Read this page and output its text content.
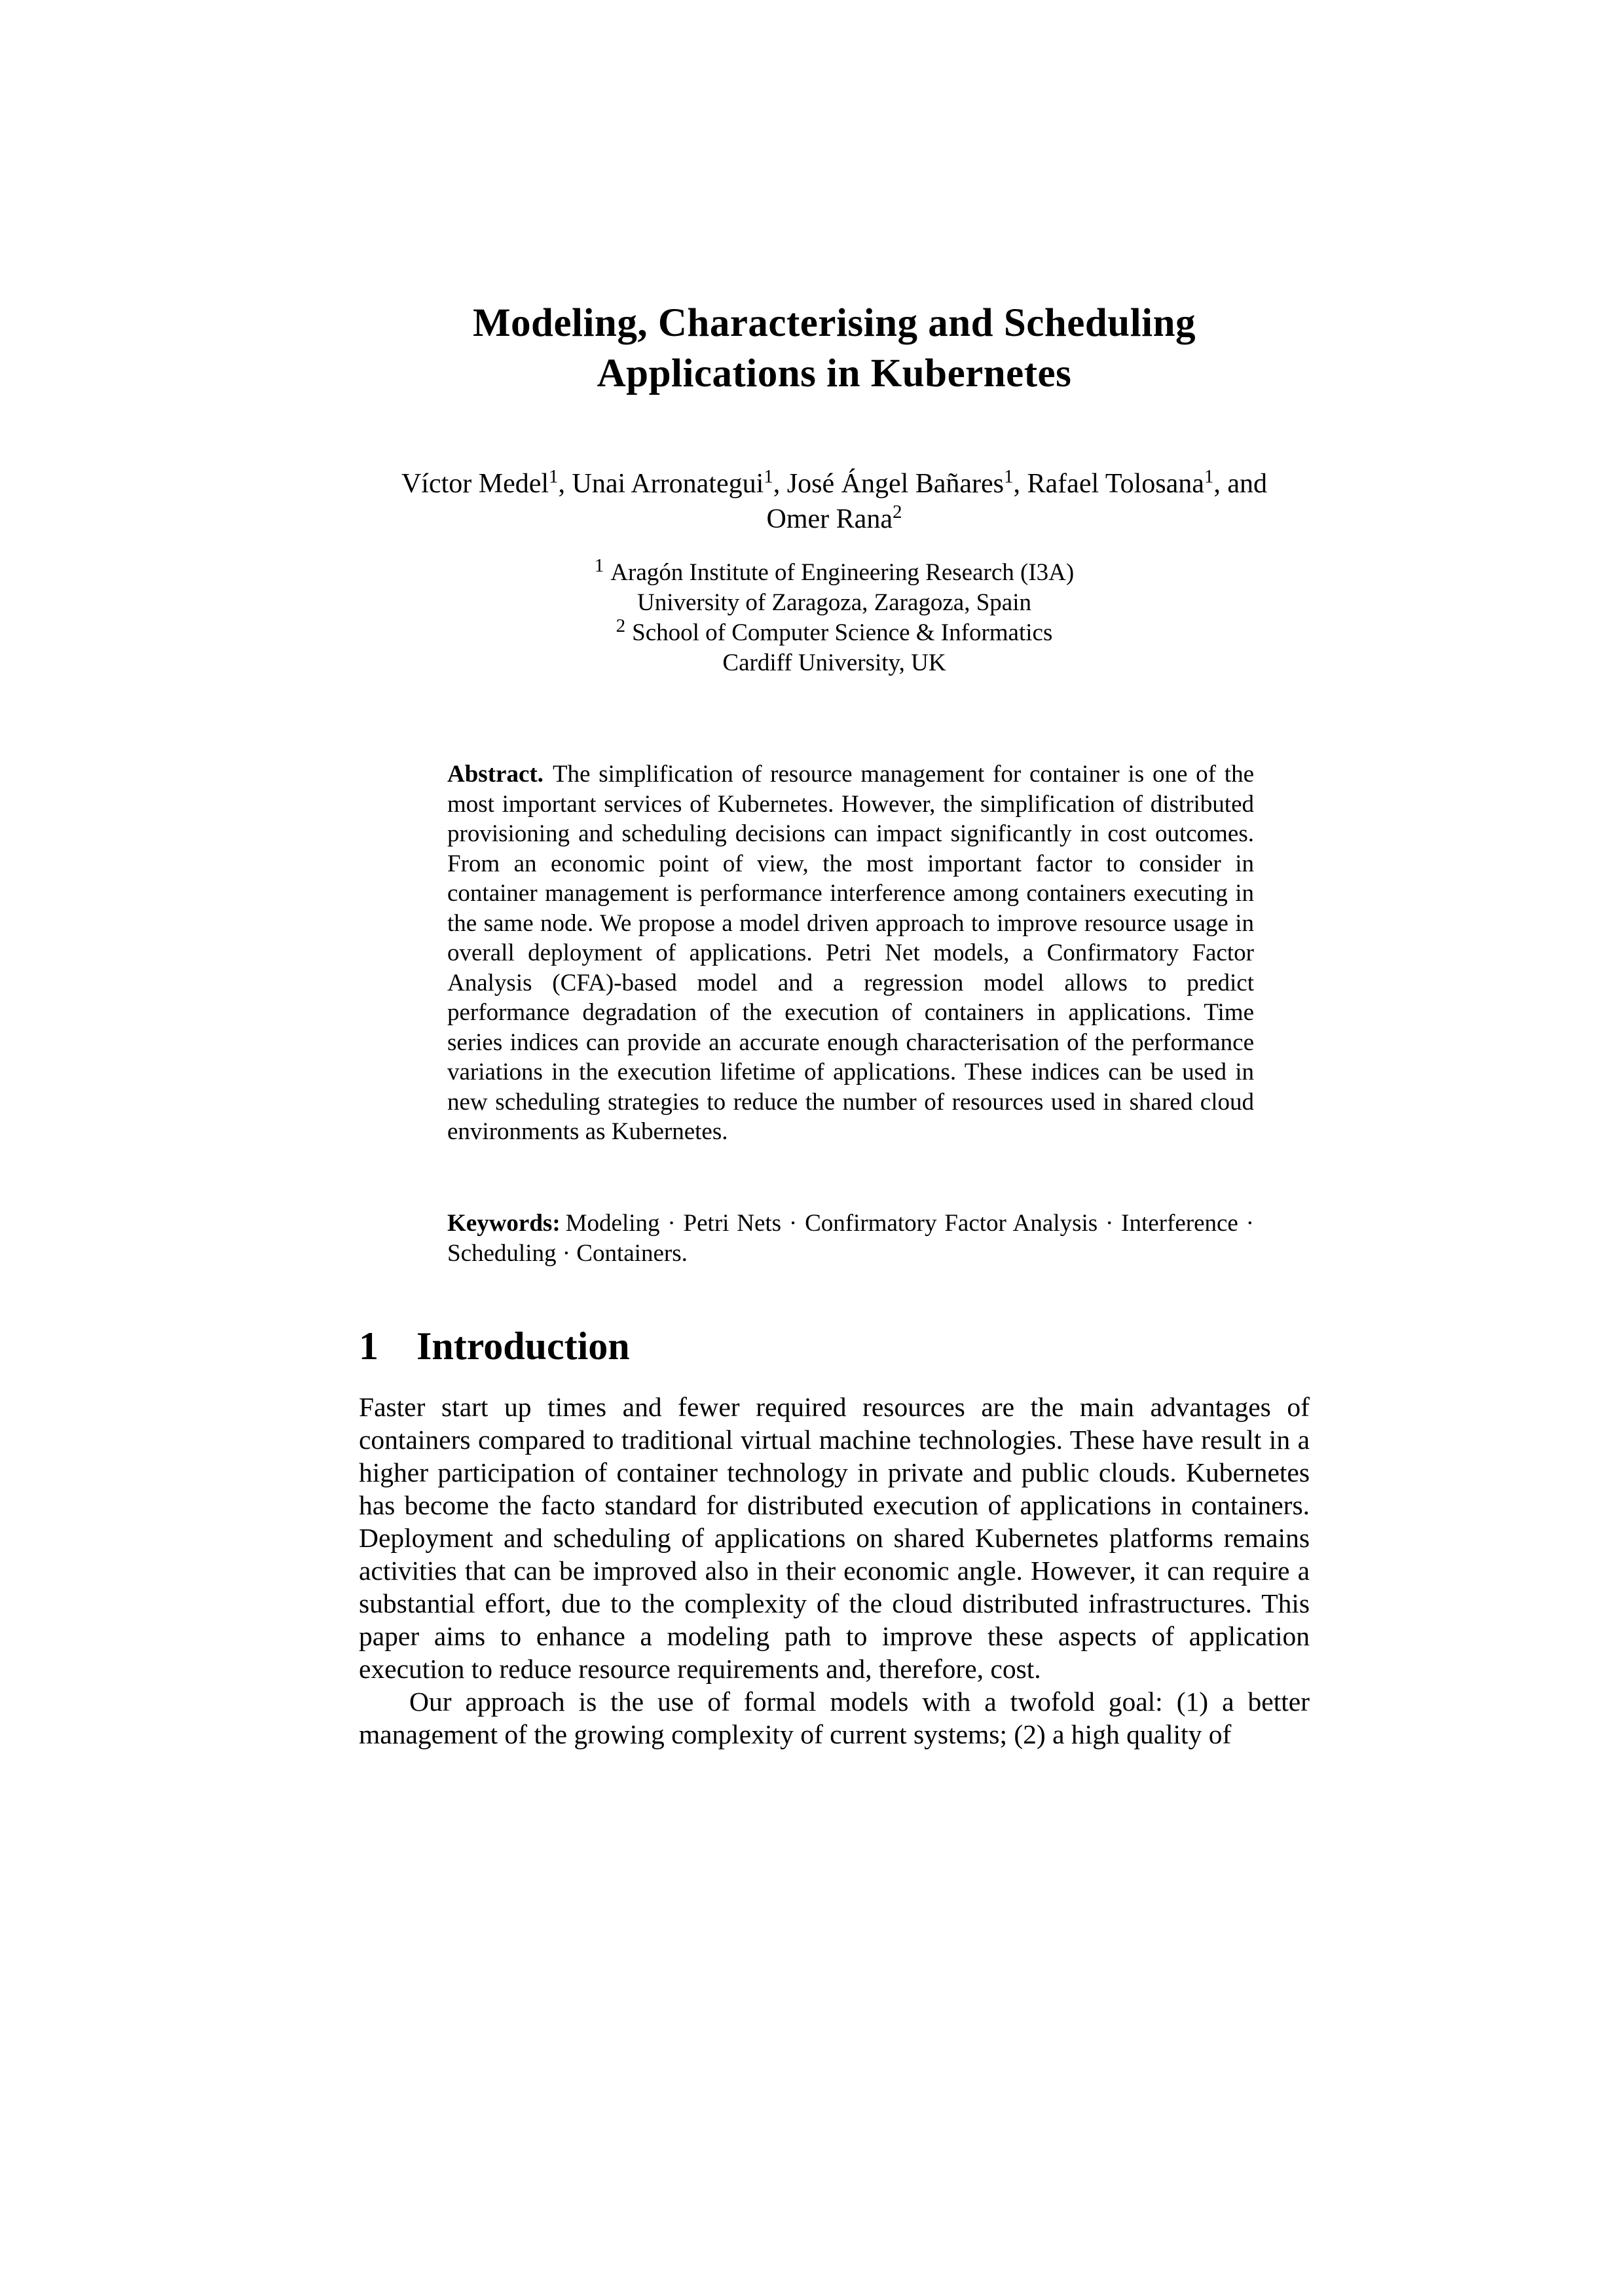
Modeling, Characterising and Scheduling
Applications in Kubernetes
Víctor Medel$^1$, Unai Arronategui$^1$, José Ángel Bañares$^1$, Rafael Tolosana$^1$, and
Omer Rana$^2$
$^1$ Aragón Institute of Engineering Research (I3A)
University of Zaragoza, Zaragoza, Spain
$^2$ School of Computer Science & Informatics
Cardiff University, UK
Abstract. The simplification of resource management for container is one of the most important services of Kubernetes. However, the simplification of distributed provisioning and scheduling decisions can impact significantly in cost outcomes. From an economic point of view, the most important factor to consider in container management is performance interference among containers executing in the same node. We propose a model driven approach to improve resource usage in overall deployment of applications. Petri Net models, a Confirmatory Factor Analysis (CFA)-based model and a regression model allows to predict performance degradation of the execution of containers in applications. Time series indices can provide an accurate enough characterisation of the performance variations in the execution lifetime of applications. These indices can be used in new scheduling strategies to reduce the number of resources used in shared cloud environments as Kubernetes.
Keywords: Modeling · Petri Nets · Confirmatory Factor Analysis · Interference · Scheduling · Containers.
1 Introduction

Faster start up times and fewer required resources are the main advantages of containers compared to traditional virtual machine technologies. These have result in a higher participation of container technology in private and public clouds. Kubernetes has become the facto standard for distributed execution of applications in containers. Deployment and scheduling of applications on shared Kubernetes platforms remains activities that can be improved also in their economic angle. However, it can require a substantial effort, due to the complexity of the cloud distributed infrastructures. This paper aims to enhance a modeling path to improve these aspects of application execution to reduce resource requirements and, therefore, cost.

Our approach is the use of formal models with a twofold goal: (1) a better management of the growing complexity of current systems; (2) a high quality of
